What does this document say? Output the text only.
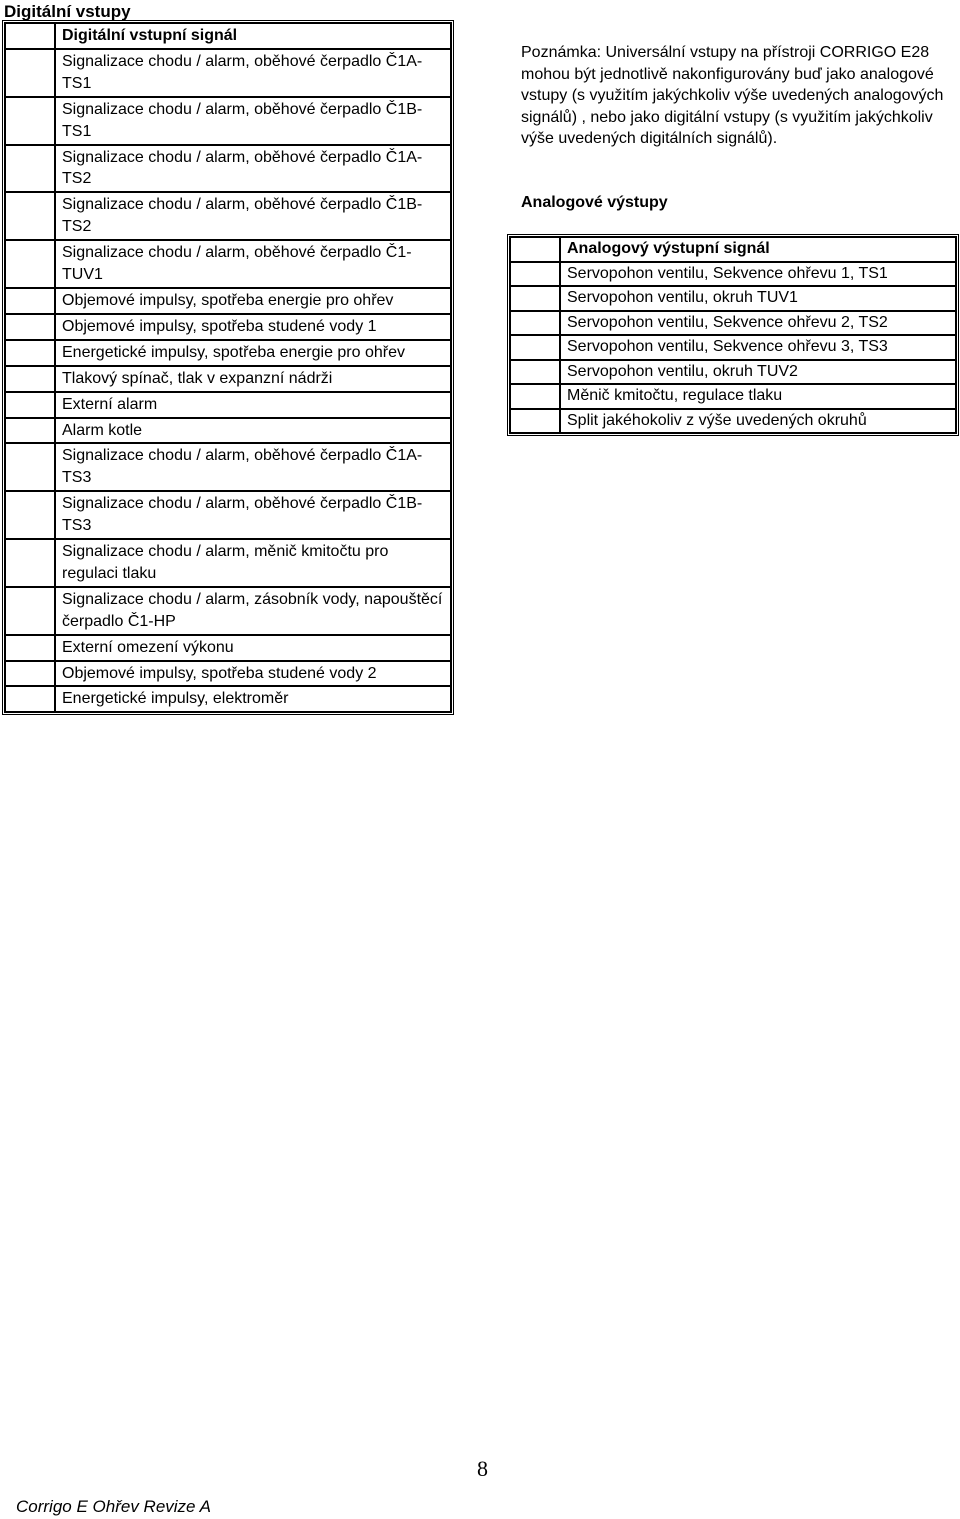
Digitální vstupy
	Digitální vstupní signál
	Signalizace chodu / alarm, oběhové čerpadlo Č1A-TS1
	Signalizace chodu / alarm, oběhové čerpadlo Č1B-TS1
	Signalizace chodu / alarm, oběhové čerpadlo Č1A-TS2
	Signalizace chodu / alarm, oběhové čerpadlo Č1B-TS2
	Signalizace chodu / alarm, oběhové čerpadlo Č1-TUV1
	Objemové impulsy, spotřeba energie pro ohřev
	Objemové impulsy, spotřeba studené vody 1
	Energetické impulsy, spotřeba energie pro ohřev
	Tlakový spínač, tlak v expanzní nádrži
	Externí alarm
	Alarm kotle
	Signalizace chodu / alarm, oběhové čerpadlo Č1A-TS3
	Signalizace chodu / alarm, oběhové čerpadlo Č1B-TS3
	Signalizace chodu / alarm, měnič kmitočtu pro regulaci tlaku
	Signalizace chodu / alarm, zásobník vody, napouštěcí čerpadlo Č1-HP
	Externí omezení výkonu
	Objemové impulsy, spotřeba studené vody 2
	Energetické impulsy, elektroměr

Poznámka: Universální vstupy na přístroji CORRIGO E28 mohou být jednotlivě nakonfigurovány buď jako analogové vstupy (s využitím jakýchkoliv výše uvedených analogových signálů) , nebo jako digitální vstupy (s využitím jakýchkoliv výše uvedených digitálních signálů).

Analogové výstupy
	Analogový výstupní signál
	Servopohon ventilu, Sekvence ohřevu 1, TS1
	Servopohon ventilu, okruh TUV1
	Servopohon ventilu, Sekvence ohřevu 2, TS2
	Servopohon ventilu, Sekvence ohřevu 3, TS3
	Servopohon ventilu, okruh TUV2
	Měnič kmitočtu, regulace tlaku
	Split jakéhokoliv z výše uvedených okruhů
8
Corrigo E Ohřev Revize A
